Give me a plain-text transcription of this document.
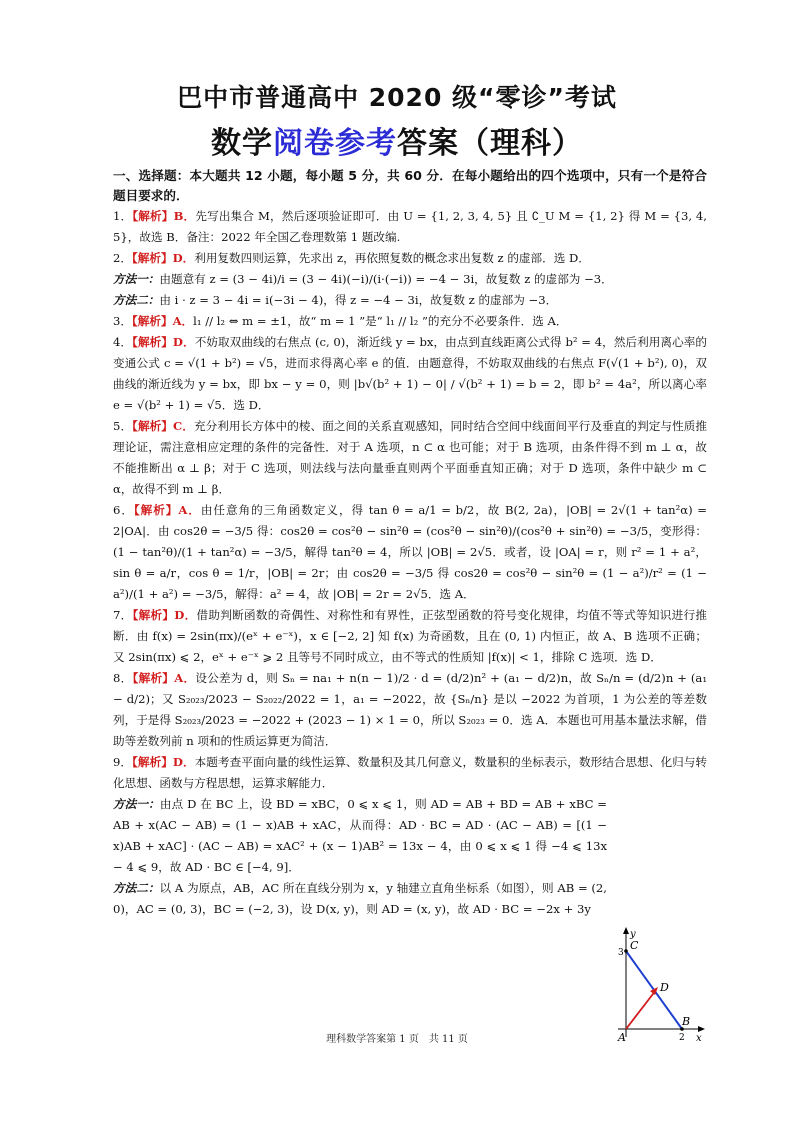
巴中市普通高中 2020 级“零诊”考试
数学阅卷参考答案（理科）

一、选择题：本大题共 12 小题，每小题 5 分，共 60 分．在每小题给出的四个选项中，只有一个是符合题目要求的．

1．【解析】B．先写出集合 M，然后逐项验证即可．由 U = {1, 2, 3, 4, 5} 且 ∁_U M = {1, 2} 得 M = {3, 4, 5}，故选 B．备注：2022 年全国乙卷理数第 1 题改编.

2．【解析】D．利用复数四则运算，先求出 z，再依照复数的概念求出复数 z 的虚部．选 D．

方法一：由题意有 z = (3 − 4i)/i = (3 − 4i)(−i)/(i·(−i)) = −4 − 3i，故复数 z 的虚部为 −3．

方法二：由 i · z = 3 − 4i = i(−3i − 4)，得 z = −4 − 3i，故复数 z 的虚部为 −3．

3．【解析】A．l₁ // l₂ ⇔ m = ±1，故“ m = 1 ”是“ l₁ // l₂ ”的充分不必要条件．选 A．

4．【解析】D．不妨取双曲线的右焦点 (c, 0)，渐近线 y = bx，由点到直线距离公式得 b² = 4，然后利用离心率的变通公式 c = √(1 + b²) = √5，进而求得离心率 e 的值．由题意得，不妨取双曲线的右焦点 F(√(1 + b²), 0)，双曲线的渐近线为 y = bx，即 bx − y = 0，则 |b√(b² + 1) − 0| / √(b² + 1) = b = 2，即 b² = 4a²，所以离心率 e = √(b² + 1) = √5．选 D．

5．【解析】C．充分利用长方体中的棱、面之间的关系直观感知，同时结合空间中线面间平行及垂直的判定与性质推理论证，需注意相应定理的条件的完备性．对于 A 选项，n ⊂ α 也可能；对于 B 选项，由条件得不到 m ⊥ α，故不能推断出 α ⊥ β；对于 C 选项，则法线与法向量垂直则两个平面垂直知正确；对于 D 选项，条件中缺少 m ⊂ α，故得不到 m ⊥ β．

6．【解析】A．由任意角的三角函数定义，得 tan θ = a/1 = b/2，故 B(2, 2a)，|OB| = 2√(1 + tan²α) = 2|OA|．由 cos2θ = −3/5 得：cos2θ = cos²θ − sin²θ = (cos²θ − sin²θ)/(cos²θ + sin²θ) = −3/5，变形得：(1 − tan²θ)/(1 + tan²α) = −3/5，解得 tan²θ = 4，所以 |OB| = 2√5．或者，设 |OA| = r，则 r² = 1 + a²，sin θ = a/r，cos θ = 1/r，|OB| = 2r；由 cos2θ = −3/5 得 cos2θ = cos²θ − sin²θ = (1 − a²)/r² = (1 − a²)/(1 + a²) = −3/5，解得：a² = 4，故 |OB| = 2r = 2√5．选 A．

7．【解析】D．借助判断函数的奇偶性、对称性和有界性，正弦型函数的符号变化规律，均值不等式等知识进行推断．由 f(x) = 2sin(πx)/(eˣ + e⁻ˣ)，x ∈ [−2, 2] 知 f(x) 为奇函数，且在 (0, 1) 内恒正，故 A、B 选项不正确；又 2sin(πx) ⩽ 2，eˣ + e⁻ˣ ⩾ 2 且等号不同时成立，由不等式的性质知 |f(x)| < 1，排除 C 选项．选 D．

8．【解析】A．设公差为 d，则 Sₙ = na₁ + n(n − 1)/2 · d = (d/2)n² + (a₁ − d/2)n，故 Sₙ/n = (d/2)n + (a₁ − d/2)；又 S₂₀₂₃/2023 − S₂₀₂₂/2022 = 1，a₁ = −2022，故 {Sₙ/n} 是以 −2022 为首项，1 为公差的等差数列，于是得 S₂₀₂₃/2023 = −2022 + (2023 − 1) × 1 = 0，所以 S₂₀₂₃ = 0．选 A．本题也可用基本量法求解，借助等差数列前 n 项和的性质运算更为简洁．

9．【解析】D．本题考查平面向量的线性运算、数量积及其几何意义，数量积的坐标表示，数形结合思想、化归与转化思想、函数与方程思想，运算求解能力．

方法一：由点 D 在 BC 上，设 BD = xBC，0 ⩽ x ⩽ 1，则 AD = AB + BD = AB + xBC = AB + x(AC − AB) = (1 − x)AB + xAC，从而得：AD · BC = AD · (AC − AB) = [(1 − x)AB + xAC] · (AC − AB) = xAC² + (x − 1)AB² = 13x − 4，由 0 ⩽ x ⩽ 1 得 −4 ⩽ 13x − 4 ⩽ 9，故 AD · BC ∈ [−4, 9]．

方法二：以 A 为原点，AB，AC 所在直线分别为 x，y 轴建立直角坐标系（如图），则 AB = (2, 0)，AC = (0, 3)，BC = (−2, 3)，设 D(x, y)，则 AD = (x, y)，故 AD · BC = −2x + 3y

y
x
C
D
A
B
3
2
理科数学答案第 1 页　共 11 页
